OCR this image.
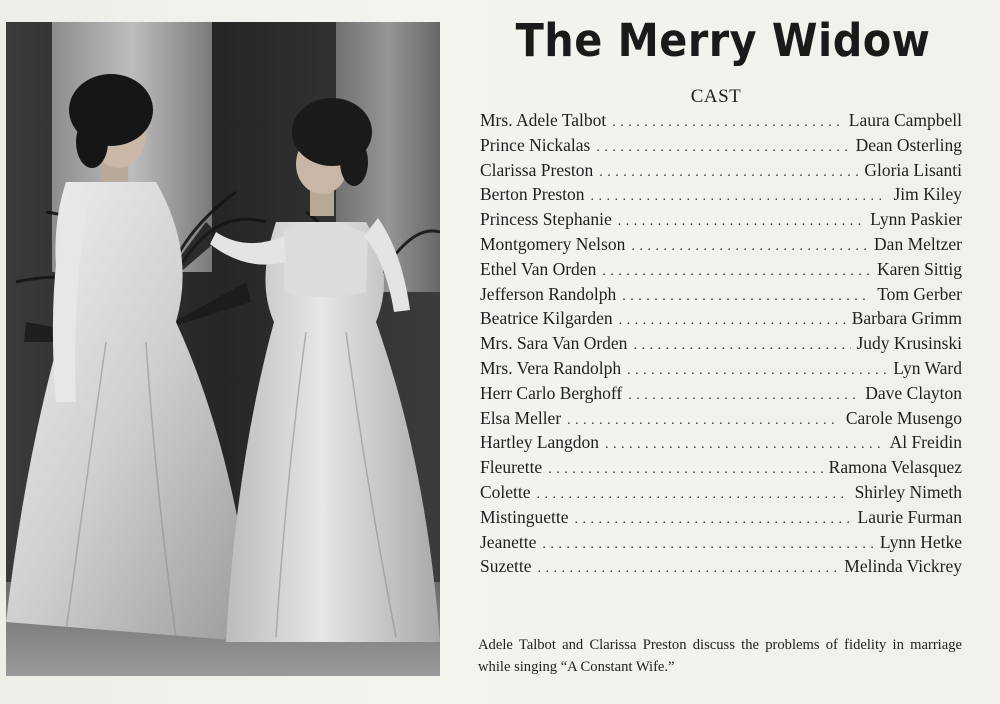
The Merry Widow
CAST
Mrs. Adele Talbot . . .	Laura Campbell
Prince Nickalas . . .	Dean Osterling
Clarissa Preston . . .	Gloria Lisanti
Berton Preston . . .	Jim Kiley
Princess Stephanie . . .	Lynn Paskier
Montgomery Nelson . . .	Dan Meltzer
Ethel Van Orden . . .	Karen Sittig
Jefferson Randolph . . .	Tom Gerber
Beatrice Kilgarden . . .	Barbara Grimm
Mrs. Sara Van Orden . . .	Judy Krusinski
Mrs. Vera Randolph . . .	Lyn Ward
Herr Carlo Berghoff . . .	Dave Clayton
Elsa Meller . . .	Carole Musengo
Hartley Langdon . . .	Al Freidin
Fleurette . . .	Ramona Velasquez
Colette . . .	Shirley Nimeth
Mistinguette . . .	Laurie Furman
Jeanette . . .	Lynn Hetke
Suzette . . .	Melinda Vickrey
Adele Talbot and Clarissa Preston discuss the problems of fidelity in marriage while singing “A Constant Wife.”
